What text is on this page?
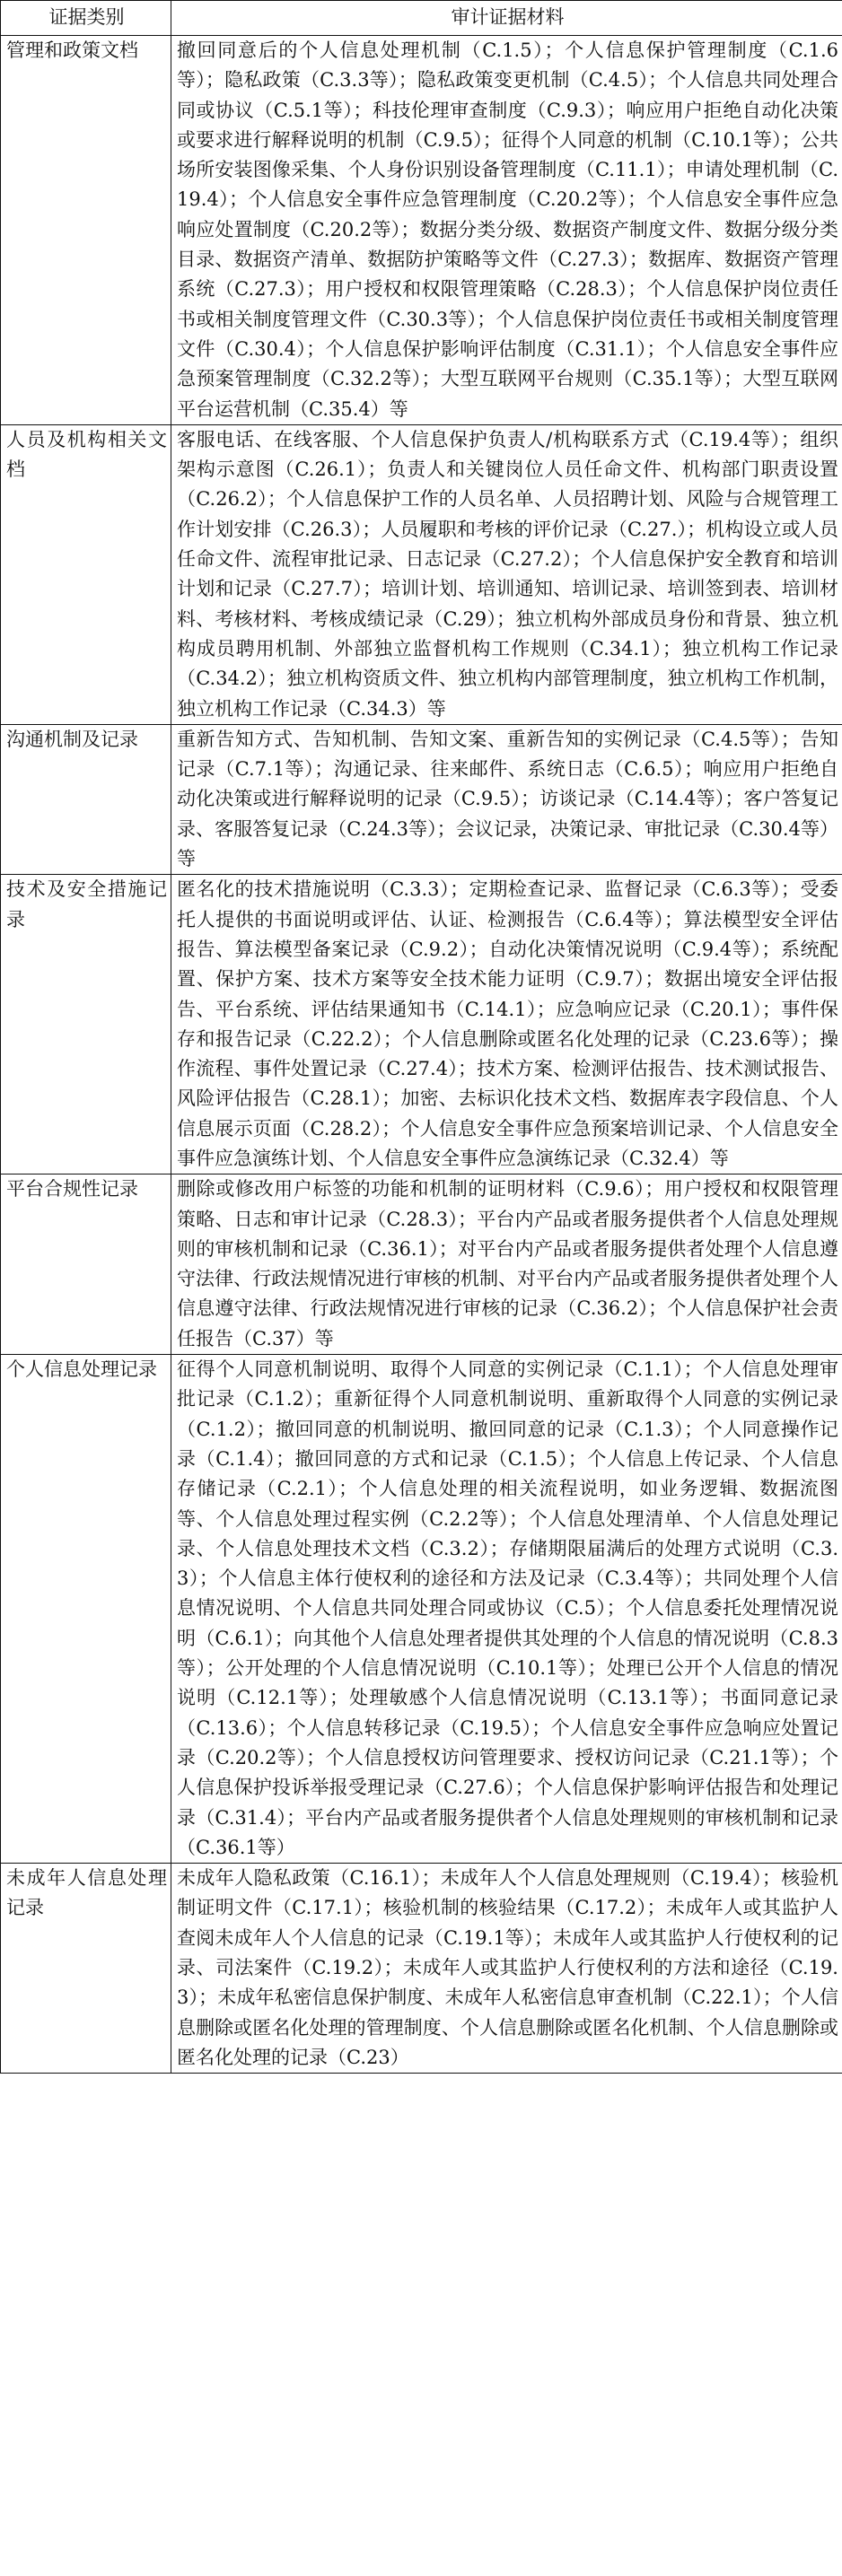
证据类别	审计证据材料
管理和政策文档	撤回同意后的个人信息处理机制（C.1.5）；个人信息保护管理制度（C.1.6等）；隐私政策（C.3.3等）；隐私政策变更机制（C.4.5）；个人信息共同处理合同或协议（C.5.1等）；科技伦理审查制度（C.9.3）；响应用户拒绝自动化决策或要求进行解释说明的机制（C.9.5）；征得个人同意的机制（C.10.1等）；公共场所安装图像采集、个人身份识别设备管理制度（C.11.1）；申请处理机制（C.19.4）；个人信息安全事件应急管理制度（C.20.2等）；个人信息安全事件应急响应处置制度（C.20.2等）；数据分类分级、数据资产制度文件、数据分级分类目录、数据资产清单、数据防护策略等文件（C.27.3）；数据库、数据资产管理系统（C.27.3）；用户授权和权限管理策略（C.28.3）；个人信息保护岗位责任书或相关制度管理文件（C.30.3等）；个人信息保护岗位责任书或相关制度管理文件（C.30.4）；个人信息保护影响评估制度（C.31.1）；个人信息安全事件应急预案管理制度（C.32.2等）；大型互联网平台规则（C.35.1等）；大型互联网平台运营机制（C.35.4）等
人员及机构相关文档	客服电话、在线客服、个人信息保护负责人/机构联系方式（C.19.4等）；组织架构示意图（C.26.1）；负责人和关键岗位人员任命文件、机构部门职责设置（C.26.2）；个人信息保护工作的人员名单、人员招聘计划、风险与合规管理工作计划安排（C.26.3）；人员履职和考核的评价记录（C.27.）；机构设立或人员任命文件、流程审批记录、日志记录（C.27.2）；个人信息保护安全教育和培训计划和记录（C.27.7）；培训计划、培训通知、培训记录、培训签到表、培训材料、考核材料、考核成绩记录（C.29）；独立机构外部成员身份和背景、独立机构成员聘用机制、外部独立监督机构工作规则（C.34.1）；独立机构工作记录（C.34.2）；独立机构资质文件、独立机构内部管理制度，独立机构工作机制，独立机构工作记录（C.34.3）等
沟通机制及记录	重新告知方式、告知机制、告知文案、重新告知的实例记录（C.4.5等）；告知记录（C.7.1等）；沟通记录、往来邮件、系统日志（C.6.5）；响应用户拒绝自动化决策或进行解释说明的记录（C.9.5）；访谈记录（C.14.4等）；客户答复记录、客服答复记录（C.24.3等）；会议记录，决策记录、审批记录（C.30.4等）等
技术及安全措施记录	匿名化的技术措施说明（C.3.3）；定期检查记录、监督记录（C.6.3等）；受委托人提供的书面说明或评估、认证、检测报告（C.6.4等）；算法模型安全评估报告、算法模型备案记录（C.9.2）；自动化决策情况说明（C.9.4等）；系统配置、保护方案、技术方案等安全技术能力证明（C.9.7）；数据出境安全评估报告、平台系统、评估结果通知书（C.14.1）；应急响应记录（C.20.1）；事件保存和报告记录（C.22.2）；个人信息删除或匿名化处理的记录（C.23.6等）；操作流程、事件处置记录（C.27.4）；技术方案、检测评估报告、技术测试报告、风险评估报告（C.28.1）；加密、去标识化技术文档、数据库表字段信息、个人信息展示页面（C.28.2）；个人信息安全事件应急预案培训记录、个人信息安全事件应急演练计划、个人信息安全事件应急演练记录（C.32.4）等
平台合规性记录	删除或修改用户标签的功能和机制的证明材料（C.9.6）；用户授权和权限管理策略、日志和审计记录（C.28.3）；平台内产品或者服务提供者个人信息处理规则的审核机制和记录（C.36.1）；对平台内产品或者服务提供者处理个人信息遵守法律、行政法规情况进行审核的机制、对平台内产品或者服务提供者处理个人信息遵守法律、行政法规情况进行审核的记录（C.36.2）；个人信息保护社会责任报告（C.37）等
个人信息处理记录	征得个人同意机制说明、取得个人同意的实例记录（C.1.1）；个人信息处理审批记录（C.1.2）；重新征得个人同意机制说明、重新取得个人同意的实例记录（C.1.2）；撤回同意的机制说明、撤回同意的记录（C.1.3）；个人同意操作记录（C.1.4）；撤回同意的方式和记录（C.1.5）；个人信息上传记录、个人信息存储记录（C.2.1）；个人信息处理的相关流程说明，如业务逻辑、数据流图等、个人信息处理过程实例（C.2.2等）；个人信息处理清单、个人信息处理记录、个人信息处理技术文档（C.3.2）；存储期限届满后的处理方式说明（C.3.3）；个人信息主体行使权利的途径和方法及记录（C.3.4等）；共同处理个人信息情况说明、个人信息共同处理合同或协议（C.5）；个人信息委托处理情况说明（C.6.1）；向其他个人信息处理者提供其处理的个人信息的情况说明（C.8.3等）；公开处理的个人信息情况说明（C.10.1等）；处理已公开个人信息的情况说明（C.12.1等）；处理敏感个人信息情况说明（C.13.1等）；书面同意记录（C.13.6）；个人信息转移记录（C.19.5）；个人信息安全事件应急响应处置记录（C.20.2等）；个人信息授权访问管理要求、授权访问记录（C.21.1等）；个人信息保护投诉举报受理记录（C.27.6）；个人信息保护影响评估报告和处理记录（C.31.4）；平台内产品或者服务提供者个人信息处理规则的审核机制和记录（C.36.1等）
未成年人信息处理记录	未成年人隐私政策（C.16.1）；未成年人个人信息处理规则（C.19.4）；核验机制证明文件（C.17.1）；核验机制的核验结果（C.17.2）；未成年人或其监护人查阅未成年人个人信息的记录（C.19.1等）；未成年人或其监护人行使权利的记录、司法案件（C.19.2）；未成年人或其监护人行使权利的方法和途径（C.19.3）；未成年私密信息保护制度、未成年人私密信息审查机制（C.22.1）；个人信息删除或匿名化处理的管理制度、个人信息删除或匿名化机制、个人信息删除或匿名化处理的记录（C.23）
